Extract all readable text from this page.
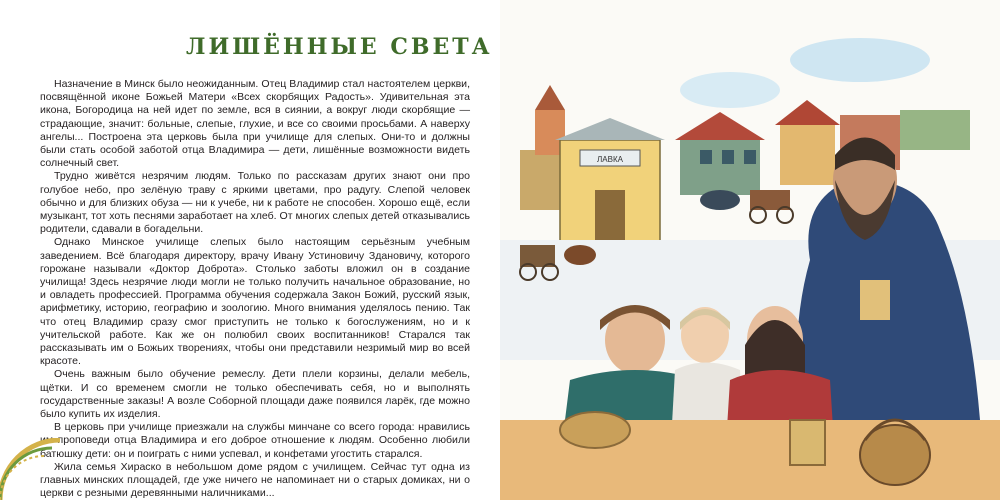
ЛИШЁННЫЕ СВЕТА

Назначение в Минск было неожиданным. Отец Владимир стал настоятелем церкви, посвящённой иконе Божьей Матери «Всех скорбящих Радость». Удивительная эта икона, Богородица на ней идет по земле, вся в сиянии, а вокруг люди скорбящие — страдающие, значит: больные, слепые, глухие, и все со своими просьбами. А наверху ангелы... Построена эта церковь была при училище для слепых. Они-то и должны были стать особой заботой отца Владимира — дети, лишённые возможности видеть солнечный свет.

Трудно живётся незрячим людям. Только по рассказам других знают они про голубое небо, про зелёную траву с яркими цветами, про радугу. Слепой человек обычно и для близких обуза — ни к учебе, ни к работе не способен. Хорошо ещё, если музыкант, тот хоть песнями заработает на хлеб. От многих слепых детей отказывались родители, сдавали в богадельни.

Однако Минское училище слепых было настоящим серьёзным учебным заведением. Всё благодаря директору, врачу Ивану Устиновичу Здановичу, которого горожане называли «Доктор Доброта». Столько заботы вложил он в создание училища! Здесь незрячие люди могли не только получить начальное образование, но и овладеть профессией. Программа обучения содержала Закон Божий, русский язык, арифметику, историю, географию и зоологию. Много внимания уделялось пению. Так что отец Владимир сразу смог приступить не только к богослужениям, но и к учительской работе. Как же он полюбил своих воспитанников! Старался так рассказывать им о Божьих творениях, чтобы они представили незримый мир во всей красоте.

Очень важным было обучение ремеслу. Дети плели корзины, делали мебель, щётки. И со временем смогли не только обеспечивать себя, но и выполнять государственные заказы! А возле Соборной площади даже появился ларёк, где можно было купить их изделия.

В церковь при училище приезжали на службы минчане со всего города: нравились им проповеди отца Владимира и его доброе отношение к людям. Особенно любили батюшку дети: он и поиграть с ними успевал, и конфетами угостить старался.

Жила семья Хираско в небольшом доме рядом с училищем. Сейчас тут одна из главных минских площадей, где уже ничего не напоминает ни о старых домиках, ни о церкви с резными деревянными наличниками...

ЛАВКА
